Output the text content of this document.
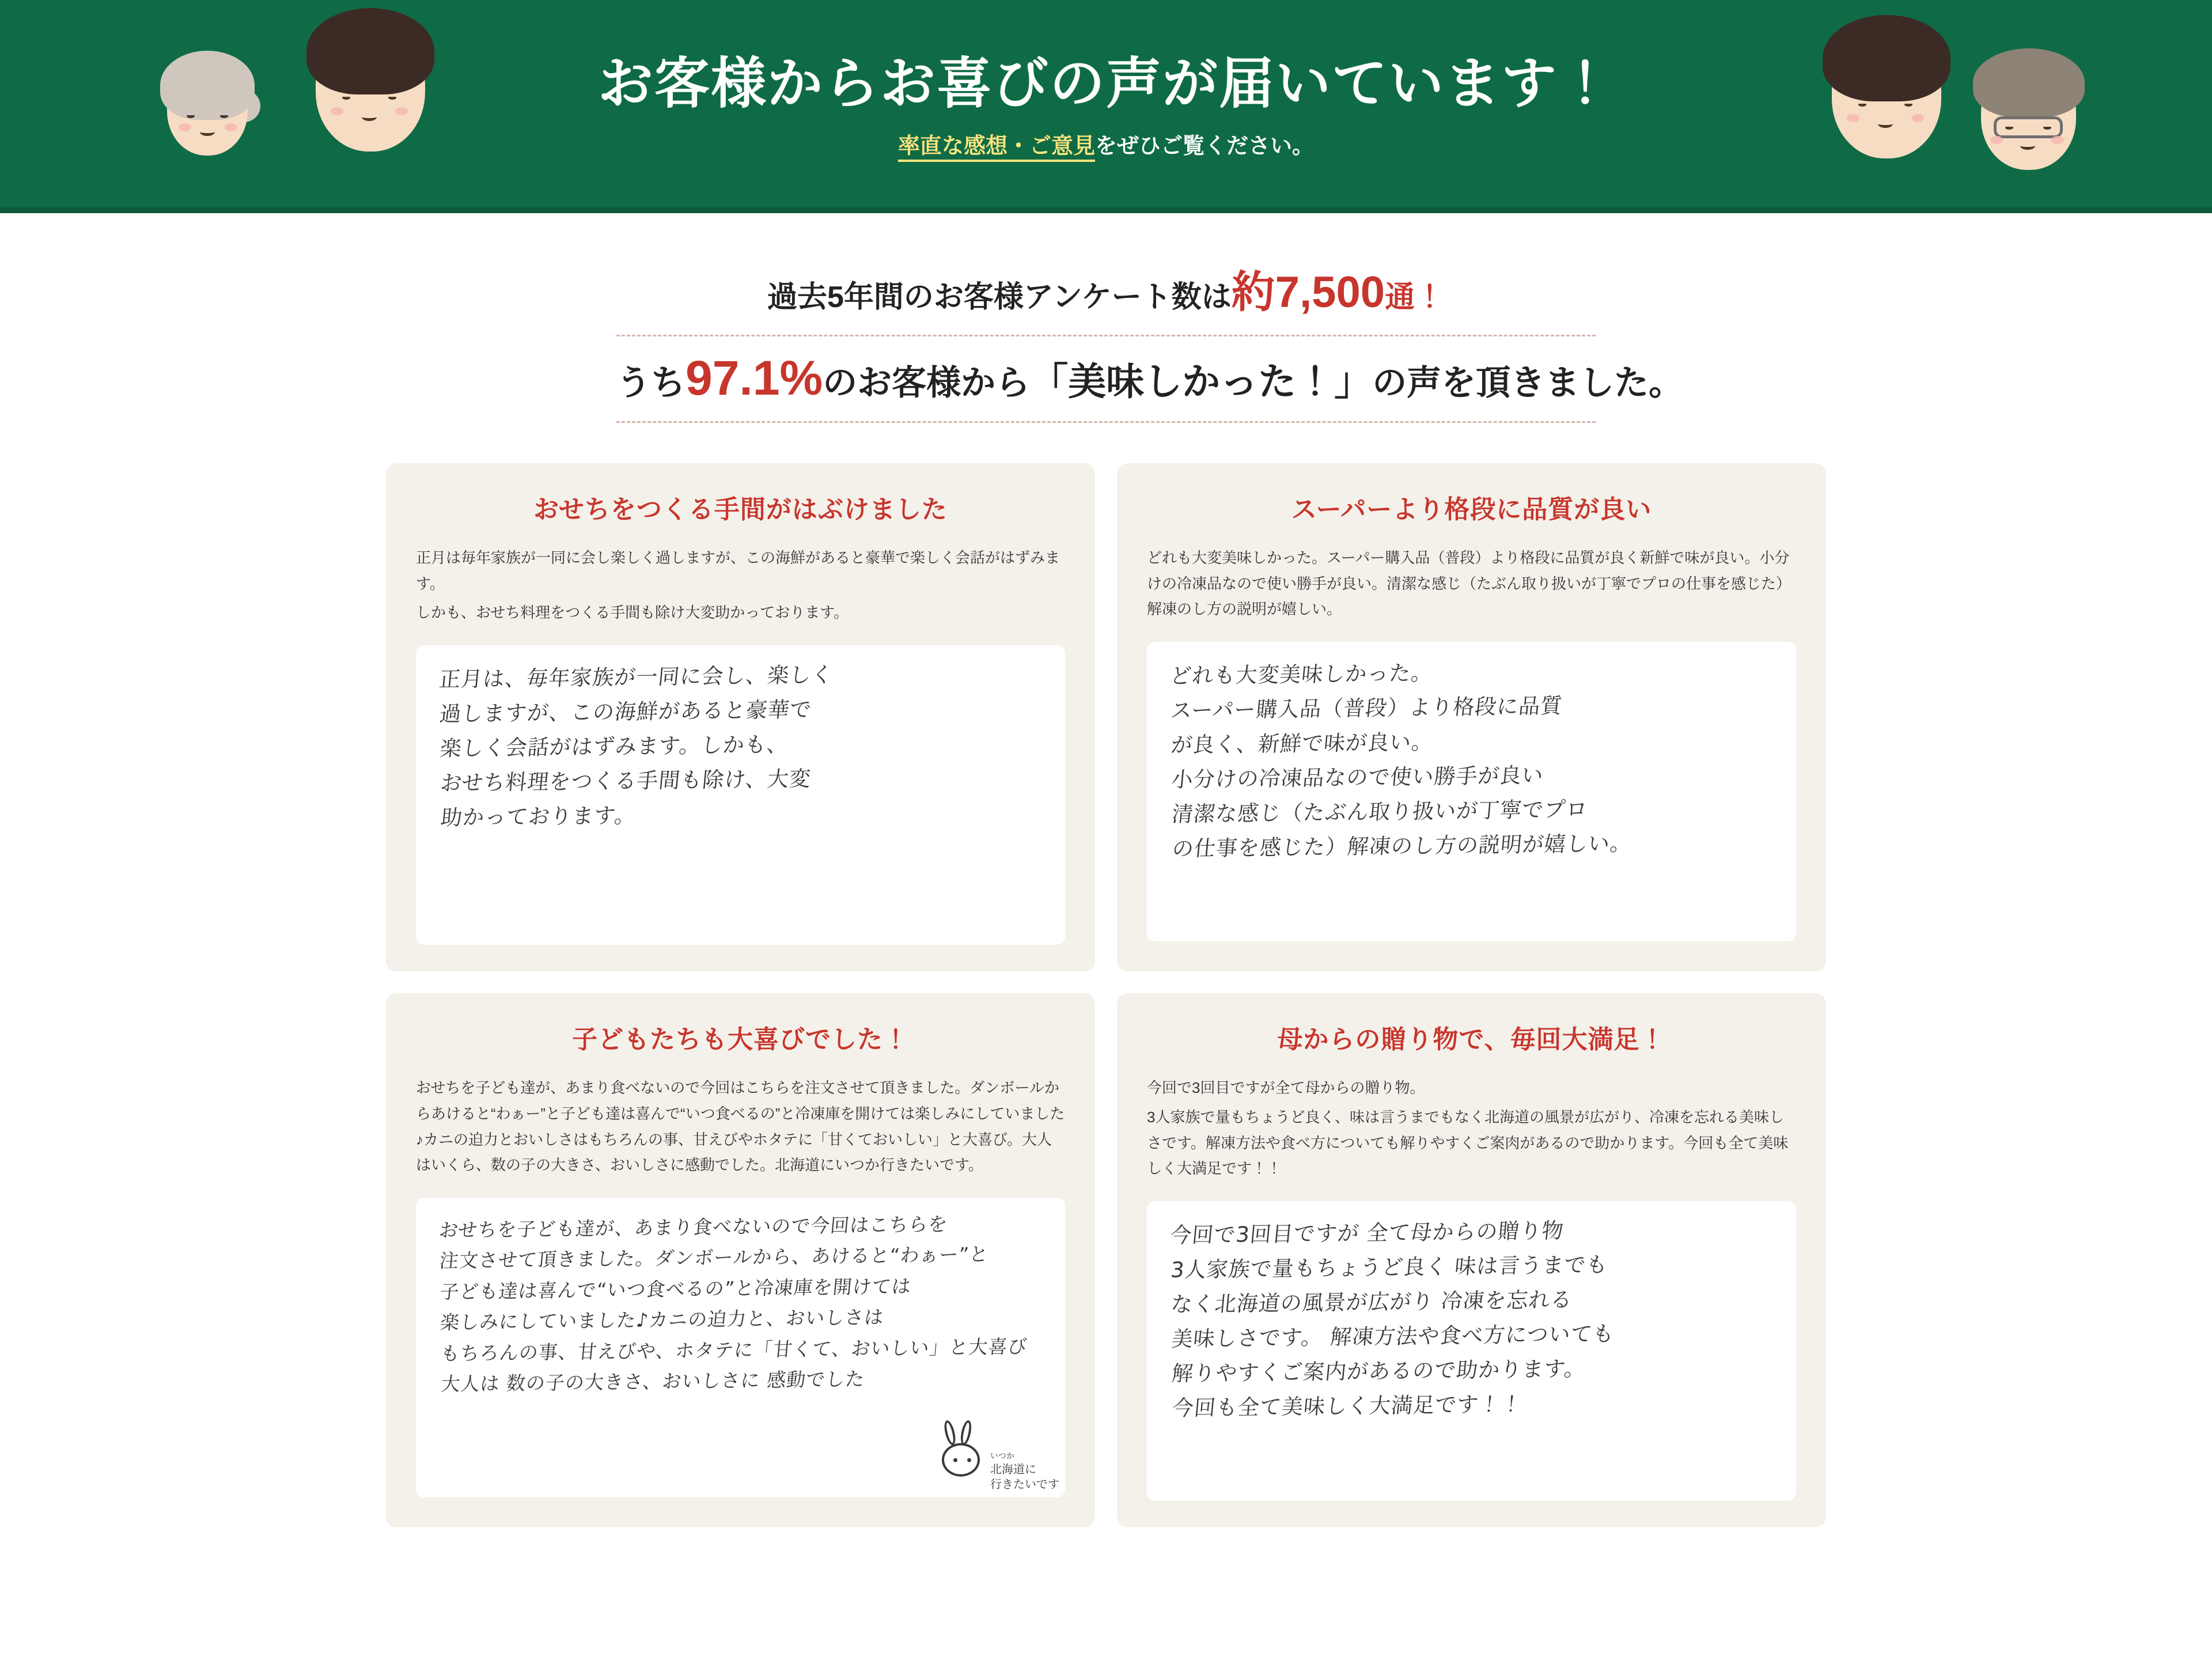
お客様からお喜びの声が届いています！
率直な感想・ご意見をぜひご覧ください。
過去5年間のお客様アンケート数は約7,500通！
うち97.1%のお客様から「美味しかった！」の声を頂きました。
おせちをつくる手間がはぶけました

正月は毎年家族が一同に会し楽しく過しますが、この海鮮があると豪華で楽しく会話がはずみます。

しかも、おせち料理をつくる手間も除け大変助かっております。

正月は、毎年家族が一同に会し、楽しく
過しますが、この海鮮があると豪華で
楽しく会話がはずみます。しかも、
おせち料理をつくる手間も除け、大変
助かっております。
スーパーより格段に品質が良い

どれも大変美味しかった。スーパー購入品（普段）より格段に品質が良く新鮮で味が良い。小分けの冷凍品なので使い勝手が良い。清潔な感じ（たぶん取り扱いが丁寧でプロの仕事を感じた）解凍のし方の説明が嬉しい。

どれも大変美味しかった。
スーパー購入品（普段）より格段に品質
が良く、新鮮で味が良い。
小分けの冷凍品なので使い勝手が良い
清潔な感じ（たぶん取り扱いが丁寧でプロ
の仕事を感じた）解凍のし方の説明が嬉しい。
子どもたちも大喜びでした！

おせちを子ども達が、あまり食べないので今回はこちらを注文させて頂きました。ダンボールからあけると“わぁー”と子ども達は喜んで“いつ食べるの”と冷凍庫を開けては楽しみにしていました♪カニの迫力とおいしさはもちろんの事、甘えびやホタテに「甘くておいしい」と大喜び。大人はいくら、数の子の大きさ、おいしさに感動でした。北海道にいつか行きたいです。

おせちを子ども達が、あまり食べないので今回はこちらを
注文させて頂きました。ダンボールから、あけると“わぁー”と
子ども達は喜んで“いつ食べるの”と冷凍庫を開けては
楽しみにしていました♪カニの迫力と、おいしさは
もちろんの事、甘えびや、ホタテに「甘くて、おいしい」と大喜び
大人は 数の子の大きさ、おいしさに 感動でした
いつか
北海道に
行きたいです
母からの贈り物で、毎回大満足！

今回で3回目ですが全て母からの贈り物。

3人家族で量もちょうど良く、味は言うまでもなく北海道の風景が広がり、冷凍を忘れる美味しさです。解凍方法や食べ方についても解りやすくご案肉があるので助かります。今回も全て美味しく大満足です！！

今回で3回目ですが 全て母からの贈り物
3人家族で量もちょうど良く 味は言うまでも
なく北海道の風景が広がり 冷凍を忘れる
美味しさです。 解凍方法や食べ方についても
解りやすくご案内があるので助かります。
今回も全て美味しく大満足です！！
